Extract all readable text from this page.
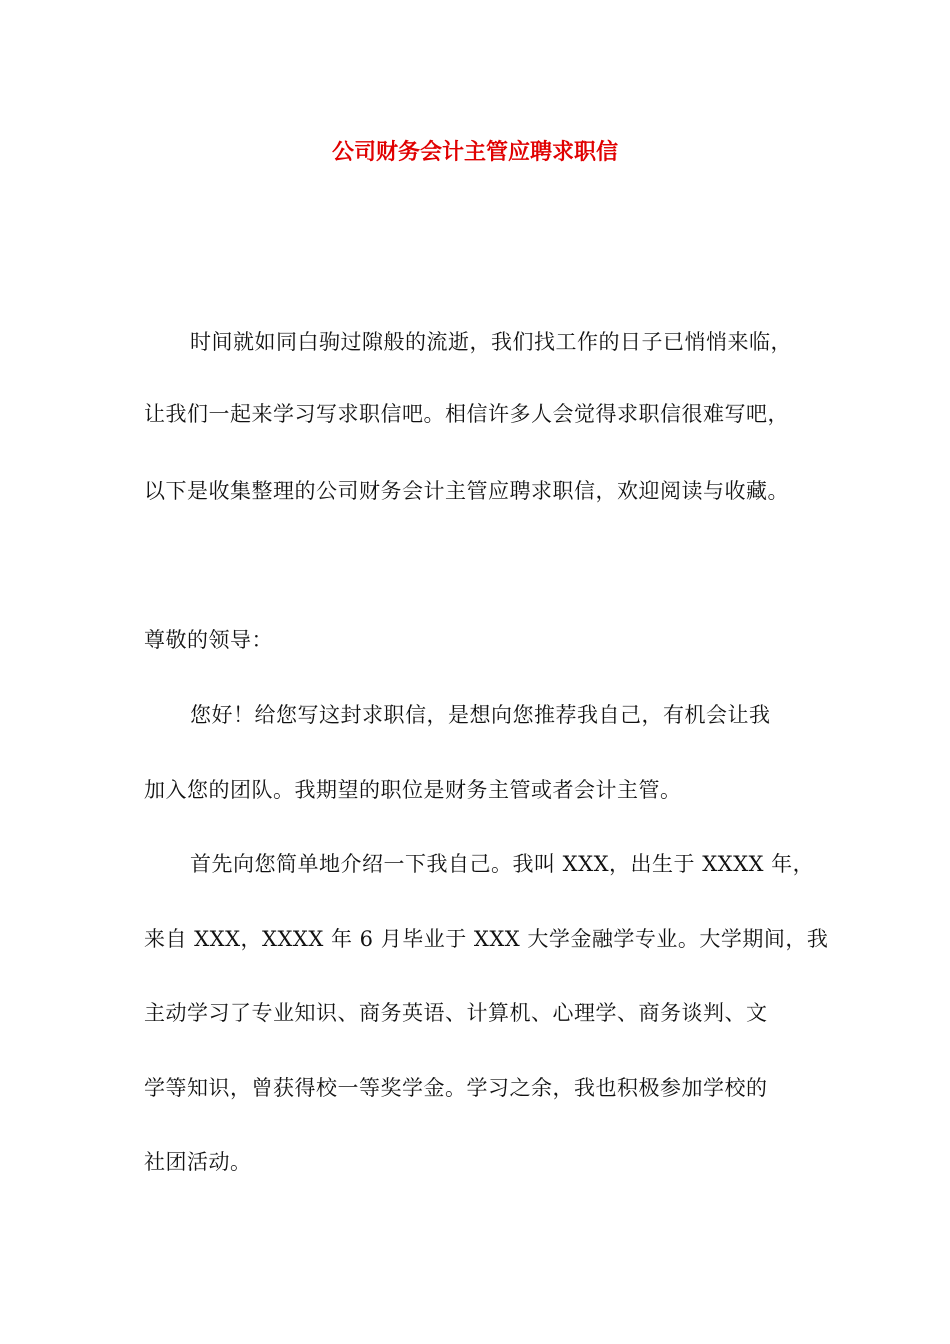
公司财务会计主管应聘求职信

时间就如同白驹过隙般的流逝，我们找工作的日子已悄悄来临，

让我们一起来学习写求职信吧。相信许多人会觉得求职信很难写吧，

以下是收集整理的公司财务会计主管应聘求职信，欢迎阅读与收藏。

尊敬的领导：

您好！给您写这封求职信，是想向您推荐我自己，有机会让我

加入您的团队。我期望的职位是财务主管或者会计主管。

首先向您简单地介绍一下我自己。我叫 XXX，出生于 XXXX 年，

来自 XXX，XXXX 年 6 月毕业于 XXX 大学金融学专业。大学期间，我

主动学习了专业知识、商务英语、计算机、心理学、商务谈判、文

学等知识，曾获得校一等奖学金。学习之余，我也积极参加学校的

社团活动。
